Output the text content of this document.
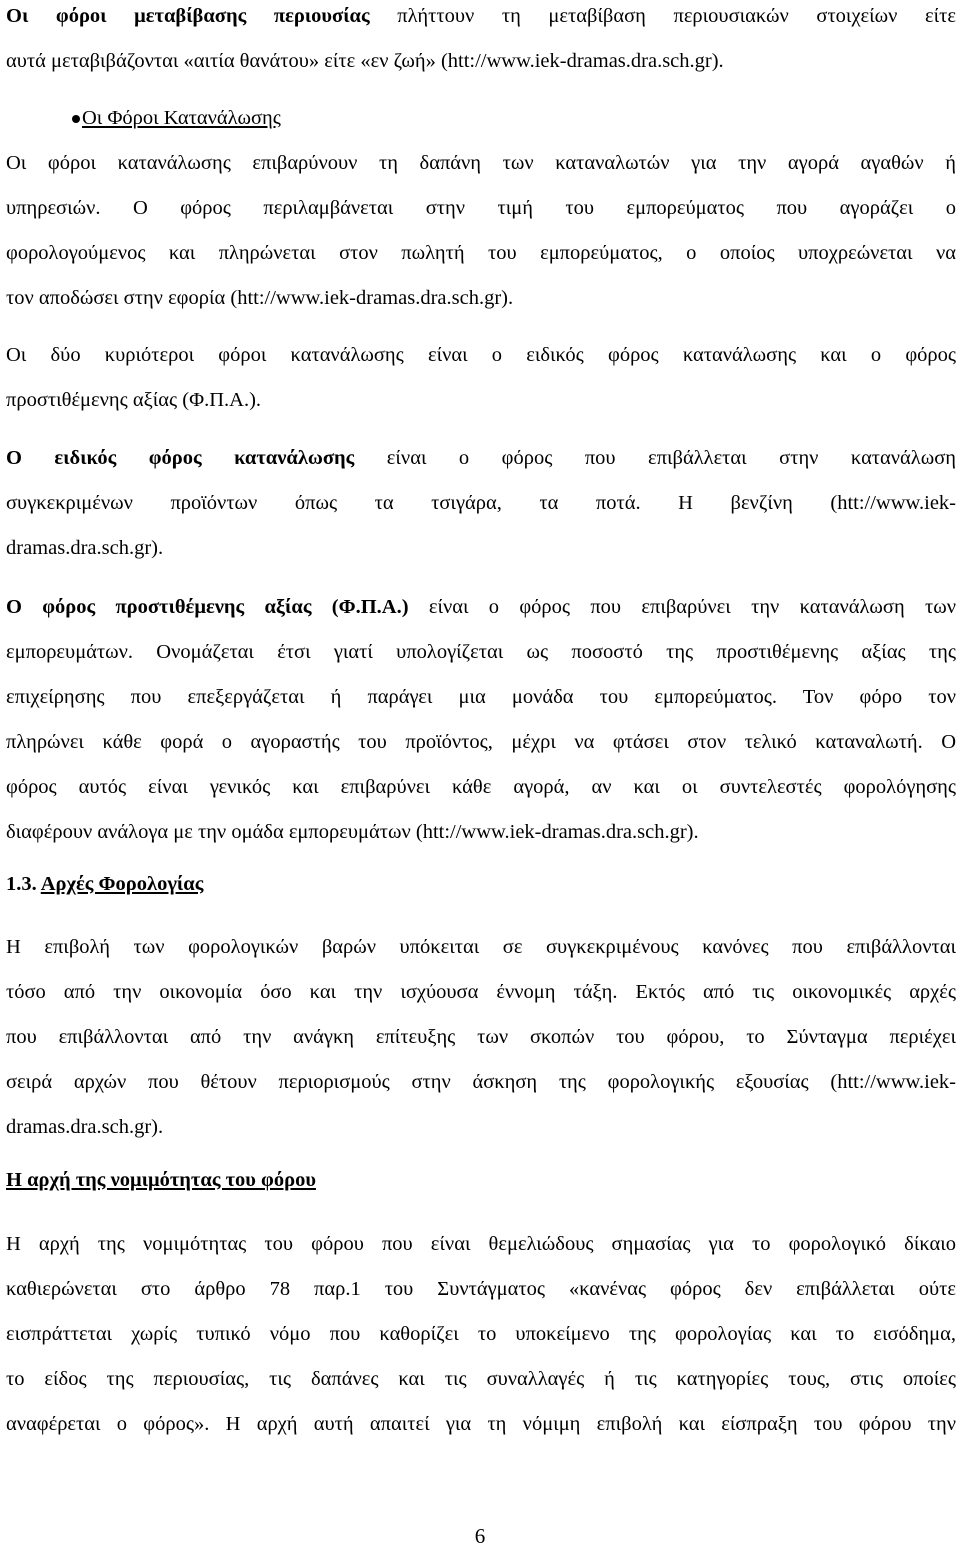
Οι φόροι μεταβίβασης περιουσίας πλήττουν τη μεταβίβαση περιουσιακών στοιχείων είτε
αυτά μεταβιβάζονται «αιτία θανάτου» είτε «εν ζωή» (htt://www.iek-dramas.dra.sch.gr).
Οι Φόροι Κατανάλωσης
Οι φόροι κατανάλωσης επιβαρύνουν τη δαπάνη των καταναλωτών για την αγορά αγαθών ή
υπηρεσιών. Ο φόρος περιλαμβάνεται στην τιμή του εμπορεύματος που αγοράζει ο
φορολογούμενος και πληρώνεται στον πωλητή του εμπορεύματος, ο οποίος υποχρεώνεται να
τον αποδώσει στην εφορία (htt://www.iek-dramas.dra.sch.gr).
Οι δύο κυριότεροι φόροι κατανάλωσης είναι ο ειδικός φόρος κατανάλωσης και ο φόρος
προστιθέμενης αξίας (Φ.Π.Α.).
Ο ειδικός φόρος κατανάλωσης είναι ο φόρος που επιβάλλεται στην κατανάλωση
συγκεκριμένων προϊόντων όπως τα τσιγάρα, τα ποτά. Η βενζίνη (htt://www.iek-
dramas.dra.sch.gr).
Ο φόρος προστιθέμενης αξίας (Φ.Π.Α.) είναι ο φόρος που επιβαρύνει την κατανάλωση των
εμπορευμάτων. Ονομάζεται έτσι γιατί υπολογίζεται ως ποσοστό της προστιθέμενης αξίας της
επιχείρησης που επεξεργάζεται ή παράγει μια μονάδα του εμπορεύματος. Τον φόρο τον
πληρώνει κάθε φορά ο αγοραστής του προϊόντος, μέχρι να φτάσει στον τελικό καταναλωτή. Ο
φόρος αυτός είναι γενικός και επιβαρύνει κάθε αγορά, αν και οι συντελεστές φορολόγησης
διαφέρουν ανάλογα με την ομάδα εμπορευμάτων (htt://www.iek-dramas.dra.sch.gr).
1.3. Αρχές Φορολογίας
Η επιβολή των φορολογικών βαρών υπόκειται σε συγκεκριμένους κανόνες που επιβάλλονται
τόσο από την οικονομία όσο και την ισχύουσα έννομη τάξη. Εκτός από τις οικονομικές αρχές
που επιβάλλονται από την ανάγκη επίτευξης των σκοπών του φόρου, το Σύνταγμα περιέχει
σειρά αρχών που θέτουν περιορισμούς στην άσκηση της φορολογικής εξουσίας (htt://www.iek-
dramas.dra.sch.gr).
Η αρχή της νομιμότητας του φόρου
Η αρχή της νομιμότητας του φόρου που είναι θεμελιώδους σημασίας για το φορολογικό δίκαιο
καθιερώνεται στο άρθρο 78 παρ.1 του Συντάγματος «κανένας φόρος δεν επιβάλλεται ούτε
εισπράττεται χωρίς τυπικό νόμο που καθορίζει το υποκείμενο της φορολογίας και το εισόδημα,
το είδος της περιουσίας, τις δαπάνες και τις συναλλαγές ή τις κατηγορίες τους, στις οποίες
αναφέρεται ο φόρος». Η αρχή αυτή απαιτεί για τη νόμιμη επιβολή και είσπραξη του φόρου την
6
